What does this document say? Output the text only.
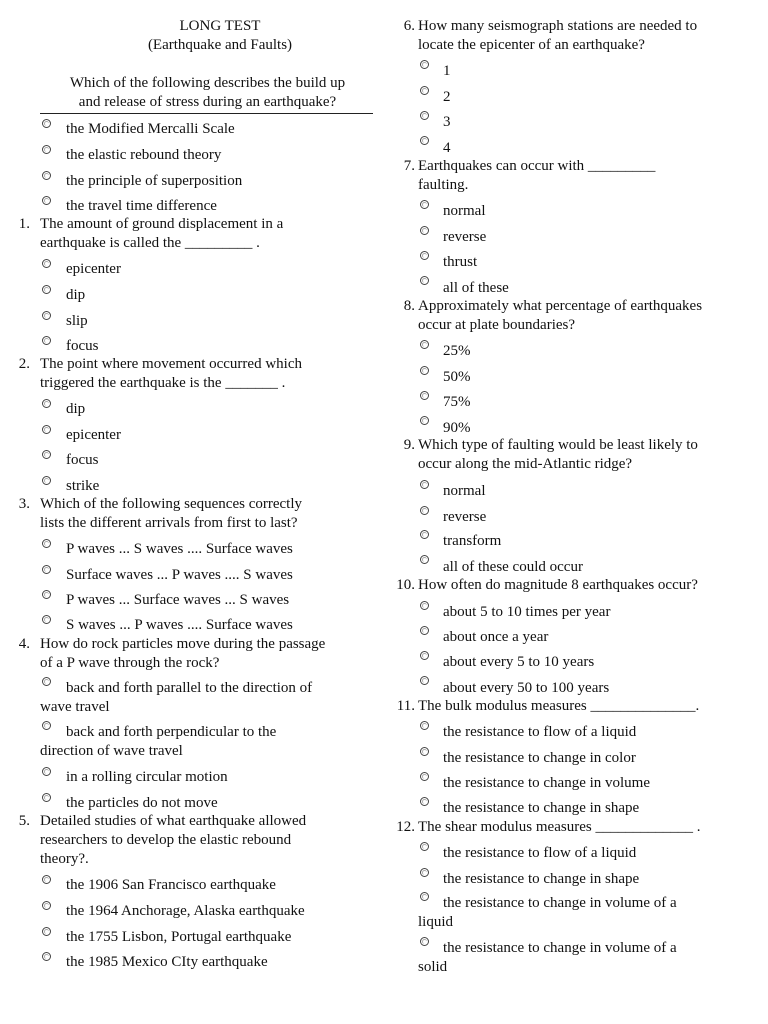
LONG TEST
(Earthquake and Faults)
Which of the following describes the build up
and release of stress during an earthquake?
the Modified Mercalli Scale
the elastic rebound theory
the principle of superposition
the travel time difference
1. The amount of ground displacement in a
earthquake is called the _________ .
epicenter
dip
slip
focus
2. The point where movement occurred which
triggered the earthquake is the _______ .
dip
epicenter
focus
strike
3. Which of the following sequences correctly
lists the different arrivals from first to last?
P waves ... S waves .... Surface waves
Surface waves ... P waves .... S waves
P waves ... Surface waves ... S waves
S waves ... P waves .... Surface waves
4. How do rock particles move during the passage
of a P wave through the rock?
back and forth parallel to the direction of
wave travel
back and forth perpendicular to the
direction of wave travel
in a rolling circular motion
the particles do not move
5. Detailed studies of what earthquake allowed
researchers to develop the elastic rebound
theory?.
the 1906 San Francisco earthquake
the 1964 Anchorage, Alaska earthquake
the 1755 Lisbon, Portugal earthquake
the 1985 Mexico CIty earthquake
6. How many seismograph stations are needed to
locate the epicenter of an earthquake?
1
2
3
4
7. Earthquakes can occur with _________
faulting.
normal
reverse
thrust
all of these
8. Approximately what percentage of earthquakes
occur at plate boundaries?
25%
50%
75%
90%
9. Which type of faulting would be least likely to
occur along the mid-Atlantic ridge?
normal
reverse
transform
all of these could occur
10. How often do magnitude 8 earthquakes occur?
about 5 to 10 times per year
about once a year
about every 5 to 10 years
about every 50 to 100 years
11. The bulk modulus measures ______________.
the resistance to flow of a liquid
the resistance to change in color
the resistance to change in volume
the resistance to change in shape
12. The shear modulus measures _____________ .
the resistance to flow of a liquid
the resistance to change in shape
the resistance to change in volume of a
liquid
the resistance to change in volume of a
solid
